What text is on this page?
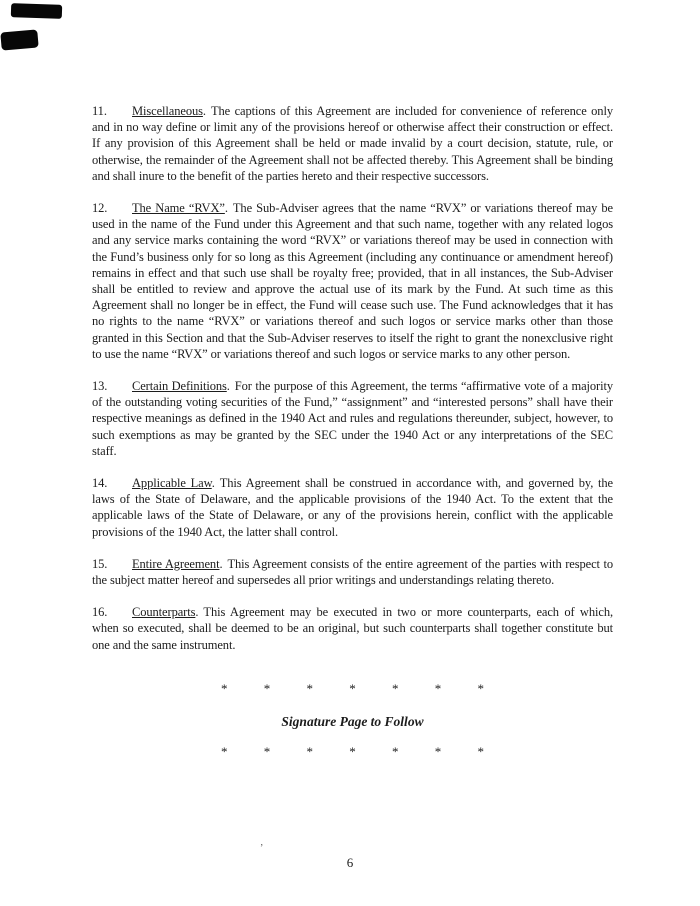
11. Miscellaneous. The captions of this Agreement are included for convenience of reference only and in no way define or limit any of the provisions hereof or otherwise affect their construction or effect. If any provision of this Agreement shall be held or made invalid by a court decision, statute, rule, or otherwise, the remainder of the Agreement shall not be affected thereby. This Agreement shall be binding and shall inure to the benefit of the parties hereto and their respective successors.

12. The Name “RVX”. The Sub-Adviser agrees that the name “RVX” or variations thereof may be used in the name of the Fund under this Agreement and that such name, together with any related logos and any service marks containing the word “RVX” or variations thereof may be used in connection with the Fund’s business only for so long as this Agreement (including any continuance or amendment hereof) remains in effect and that such use shall be royalty free; provided, that in all instances, the Sub-Adviser shall be entitled to review and approve the actual use of its mark by the Fund. At such time as this Agreement shall no longer be in effect, the Fund will cease such use. The Fund acknowledges that it has no rights to the name “RVX” or variations thereof and such logos or service marks other than those granted in this Section and that the Sub-Adviser reserves to itself the right to grant the nonexclusive right to use the name “RVX” or variations thereof and such logos or service marks to any other person.

13. Certain Definitions. For the purpose of this Agreement, the terms “affirmative vote of a majority of the outstanding voting securities of the Fund,” “assignment” and “interested persons” shall have their respective meanings as defined in the 1940 Act and rules and regulations thereunder, subject, however, to such exemptions as may be granted by the SEC under the 1940 Act or any interpretations of the SEC staff.

14. Applicable Law. This Agreement shall be construed in accordance with, and governed by, the laws of the State of Delaware, and the applicable provisions of the 1940 Act. To the extent that the applicable laws of the State of Delaware, or any of the provisions herein, conflict with the applicable provisions of the 1940 Act, the latter shall control.

15. Entire Agreement. This Agreement consists of the entire agreement of the parties with respect to the subject matter hereof and supersedes all prior writings and understandings relating thereto.

16. Counterparts. This Agreement may be executed in two or more counterparts, each of which, when so executed, shall be deemed to be an original, but such counterparts shall together constitute but one and the same instrument.

* * * * * * *
Signature Page to Follow
* * * * * * *
’
6
